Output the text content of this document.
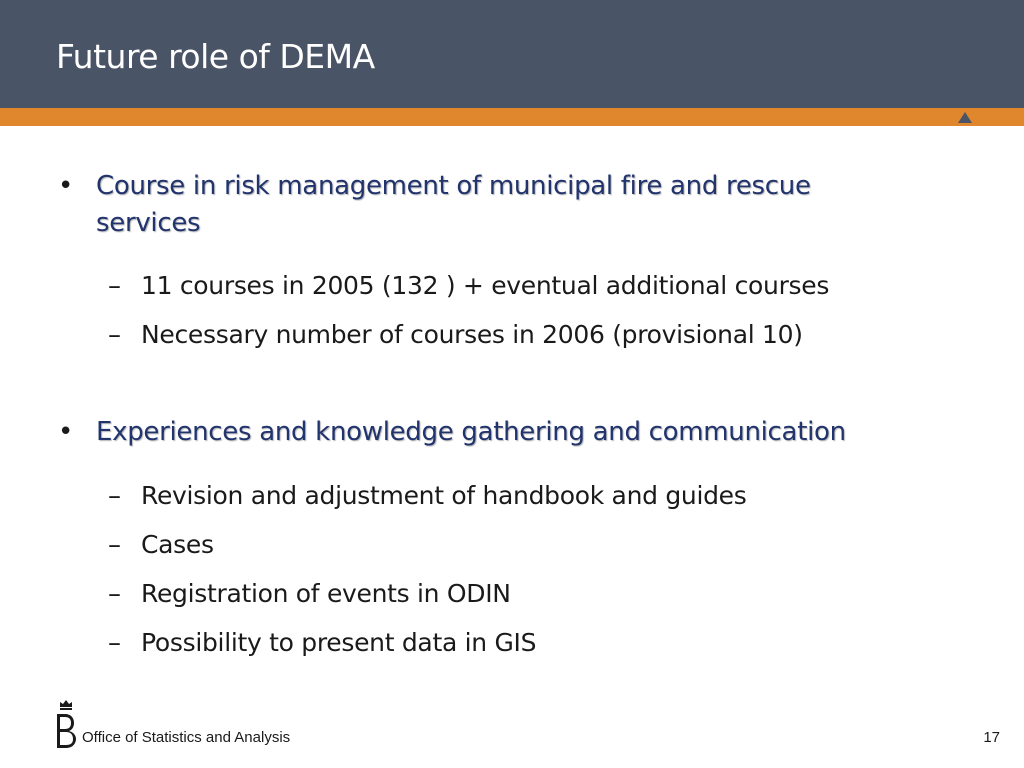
Future role of DEMA
• Course in risk management of municipal fire and rescue services
– 11 courses in 2005 (132 ) + eventual additional courses
– Necessary number of courses in 2006 (provisional 10)
• Experiences and knowledge gathering and communication
– Revision and adjustment of handbook and guides
– Cases
– Registration of events in ODIN
– Possibility to present data in GIS
Office of Statistics and Analysis	17
